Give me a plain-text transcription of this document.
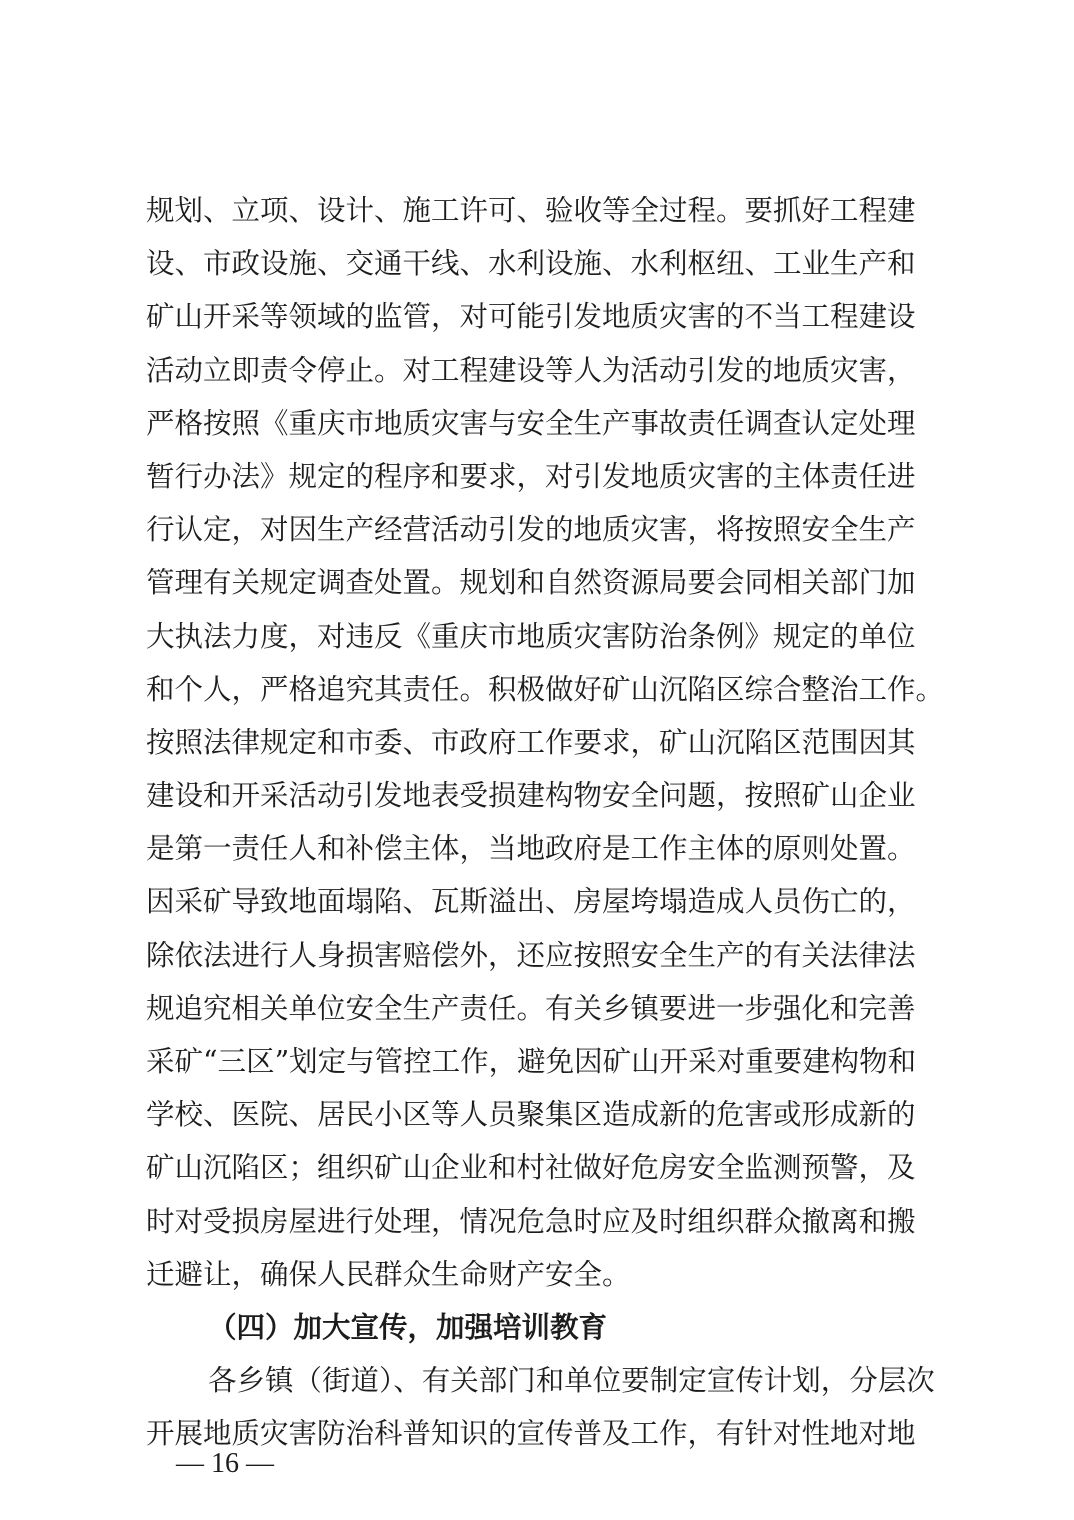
规划、立项、设计、施工许可、验收等全过程。要抓好工程建
设、市政设施、交通干线、水利设施、水利枢纽、工业生产和
矿山开采等领域的监管，对可能引发地质灾害的不当工程建设
活动立即责令停止。对工程建设等人为活动引发的地质灾害，
严格按照《重庆市地质灾害与安全生产事故责任调查认定处理
暂行办法》规定的程序和要求，对引发地质灾害的主体责任进
行认定，对因生产经营活动引发的地质灾害，将按照安全生产
管理有关规定调查处置。规划和自然资源局要会同相关部门加
大执法力度，对违反《重庆市地质灾害防治条例》规定的单位
和个人，严格追究其责任。积极做好矿山沉陷区综合整治工作。
按照法律规定和市委、市政府工作要求，矿山沉陷区范围因其
建设和开采活动引发地表受损建构物安全问题，按照矿山企业
是第一责任人和补偿主体，当地政府是工作主体的原则处置。
因采矿导致地面塌陷、瓦斯溢出、房屋垮塌造成人员伤亡的，
除依法进行人身损害赔偿外，还应按照安全生产的有关法律法
规追究相关单位安全生产责任。有关乡镇要进一步强化和完善
采矿“三区”划定与管控工作，避免因矿山开采对重要建构物和
学校、医院、居民小区等人员聚集区造成新的危害或形成新的
矿山沉陷区；组织矿山企业和村社做好危房安全监测预警，及
时对受损房屋进行处理，情况危急时应及时组织群众撤离和搬
迁避让，确保人民群众生命财产安全。
（四）加大宣传，加强培训教育
各乡镇（街道）、有关部门和单位要制定宣传计划，分层次
开展地质灾害防治科普知识的宣传普及工作，有针对性地对地
— 16 —
